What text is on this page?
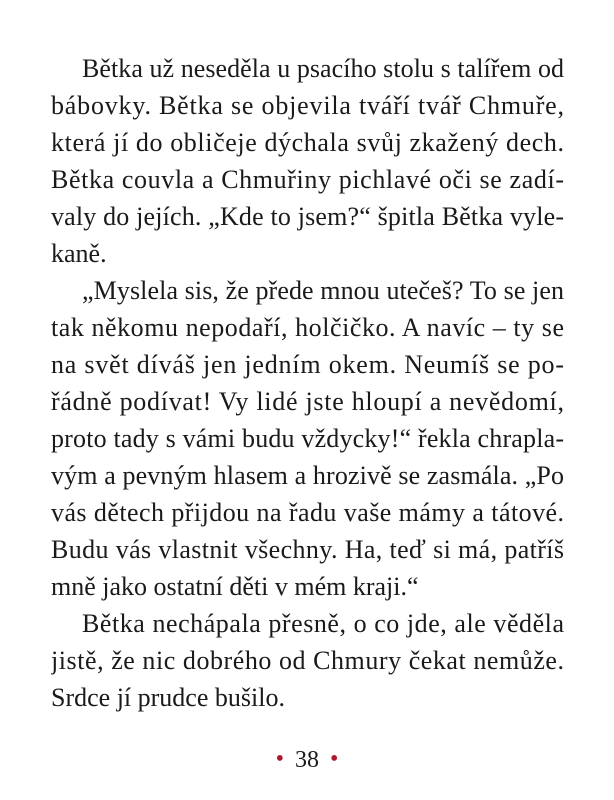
Bětka už neseděla u psacího stolu s talířem od
bábovky. Bětka se objevila tváří tvář Chmuře,
která jí do obličeje dýchala svůj zkažený dech.
Bětka couvla a Chmuřiny pichlavé oči se zadí-
valy do jejích. „Kde to jsem?“ špitla Bětka vyle-
kaně.
„Myslela sis, že přede mnou utečeš? To se jen
tak někomu nepodaří, holčičko. A navíc – ty se
na svět díváš jen jedním okem. Neumíš se po-
řádně podívat! Vy lidé jste hloupí a nevědomí,
proto tady s vámi budu vždycky!“ řekla chrapla-
vým a pevným hlasem a hrozivě se zasmála. „Po
vás dětech přijdou na řadu vaše mámy a tátové.
Budu vás vlastnit všechny. Ha, teď si má, patříš
mně jako ostatní děti v mém kraji.“
Bětka nechápala přesně, o co jde, ale věděla
jistě, že nic dobrého od Chmury čekat nemůže.
Srdce jí prudce bušilo.
• 38 •
